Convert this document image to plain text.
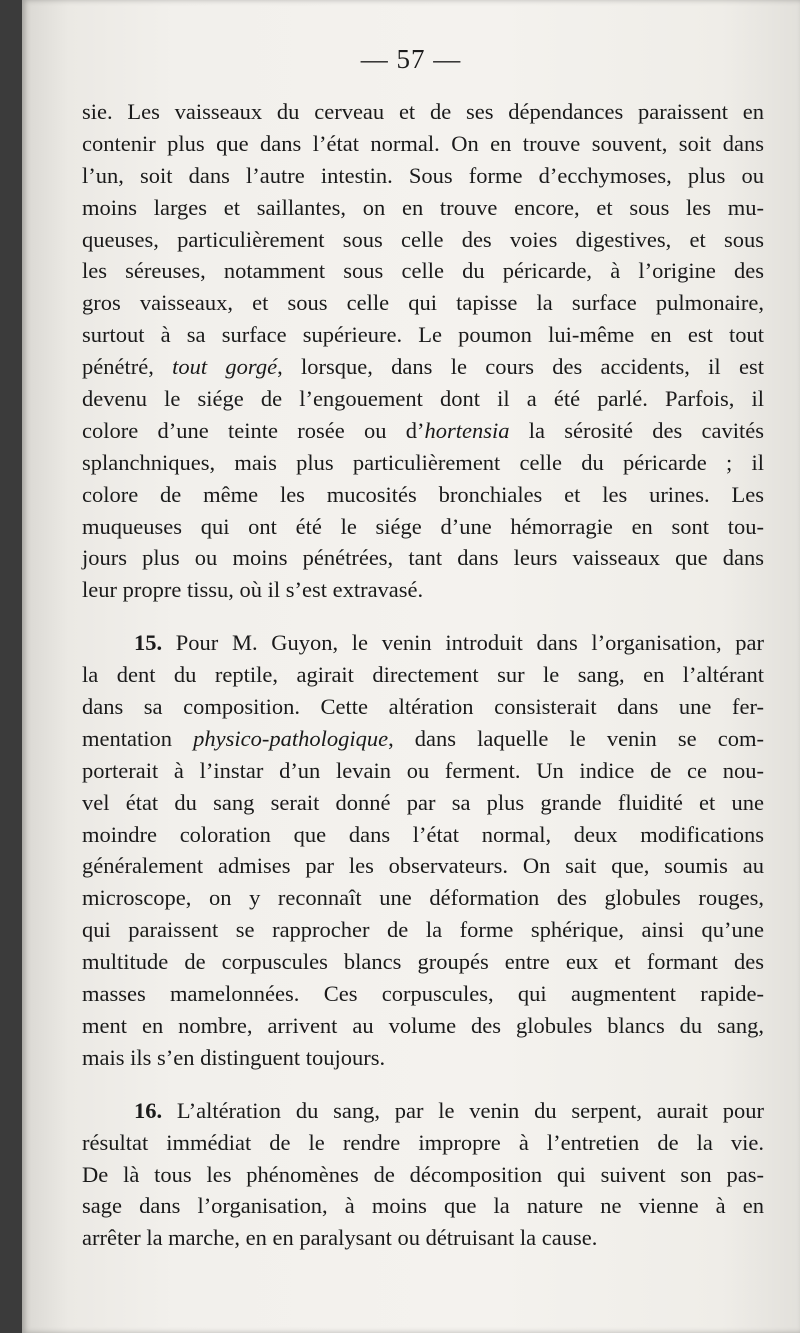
— 57 —
sie. Les vaisseaux du cerveau et de ses dépendances paraissent en
contenir plus que dans l’état normal. On en trouve souvent, soit dans
l’un, soit dans l’autre intestin. Sous forme d’ecchymoses, plus ou
moins larges et saillantes, on en trouve encore, et sous les mu-
queuses, particulièrement sous celle des voies digestives, et sous
les séreuses, notamment sous celle du péricarde, à l’origine des
gros vaisseaux, et sous celle qui tapisse la surface pulmonaire,
surtout à sa surface supérieure. Le poumon lui-même en est tout
pénétré, tout gorgé, lorsque, dans le cours des accidents, il est
devenu le siége de l’engouement dont il a été parlé. Parfois, il
colore d’une teinte rosée ou d’hortensia la sérosité des cavités
splanchniques, mais plus particulièrement celle du péricarde ; il
colore de même les mucosités bronchiales et les urines. Les
muqueuses qui ont été le siége d’une hémorragie en sont tou-
jours plus ou moins pénétrées, tant dans leurs vaisseaux que dans
leur propre tissu, où il s’est extravasé.
15. Pour M. Guyon, le venin introduit dans l’organisation, par
la dent du reptile, agirait directement sur le sang, en l’altérant
dans sa composition. Cette altération consisterait dans une fer-
mentation physico-pathologique, dans laquelle le venin se com-
porterait à l’instar d’un levain ou ferment. Un indice de ce nou-
vel état du sang serait donné par sa plus grande fluidité et une
moindre coloration que dans l’état normal, deux modifications
généralement admises par les observateurs. On sait que, soumis au
microscope, on y reconnaît une déformation des globules rouges,
qui paraissent se rapprocher de la forme sphérique, ainsi qu’une
multitude de corpuscules blancs groupés entre eux et formant des
masses mamelonnées. Ces corpuscules, qui augmentent rapide-
ment en nombre, arrivent au volume des globules blancs du sang,
mais ils s’en distinguent toujours.
16. L’altération du sang, par le venin du serpent, aurait pour
résultat immédiat de le rendre impropre à l’entretien de la vie.
De là tous les phénomènes de décomposition qui suivent son pas-
sage dans l’organisation, à moins que la nature ne vienne à en
arrêter la marche, en en paralysant ou détruisant la cause.
